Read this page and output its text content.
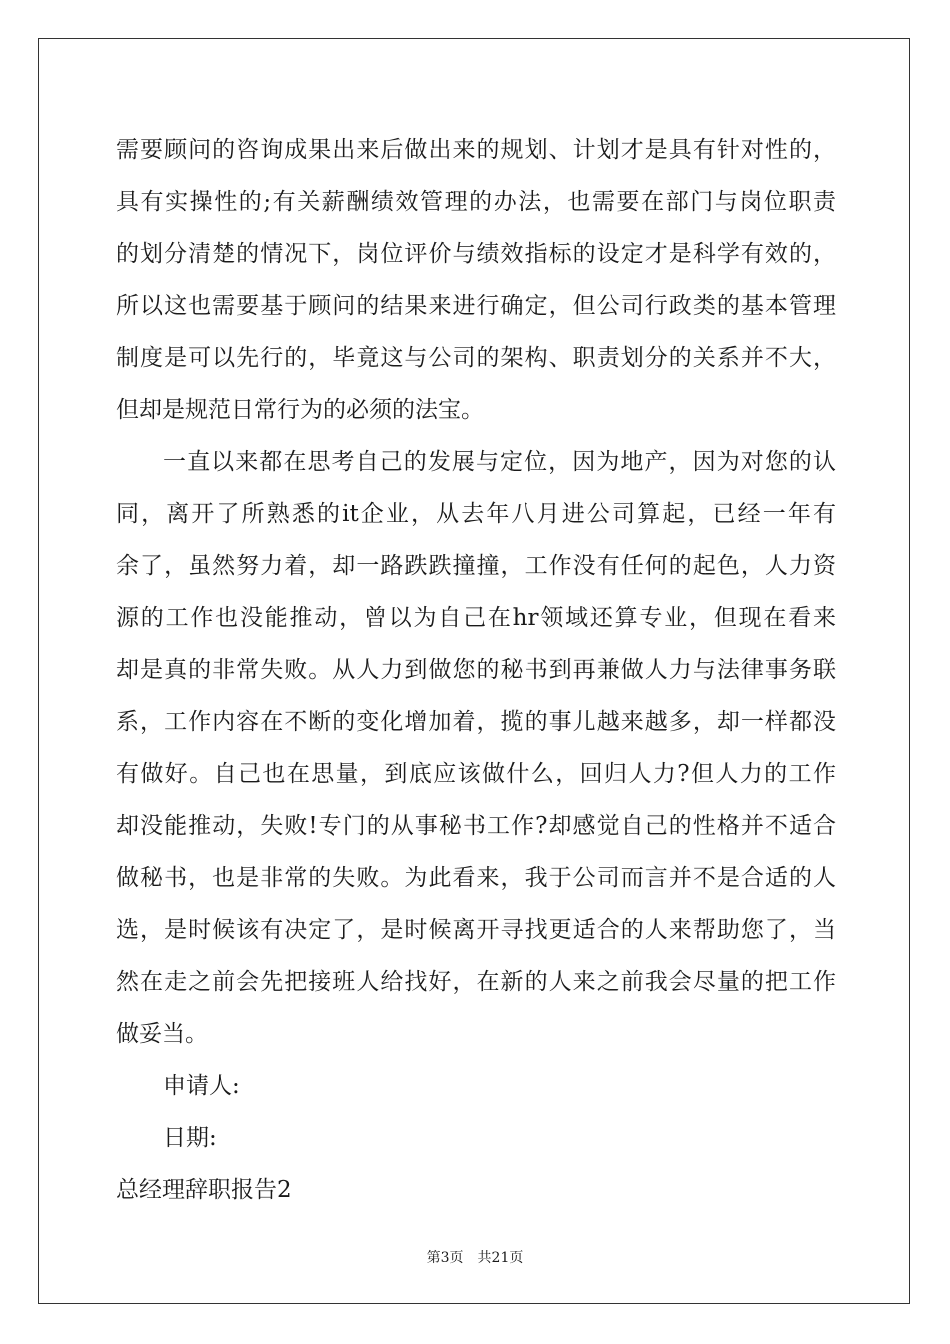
需要顾问的咨询成果出来后做出来的规划、计划才是具有针对性的，
具有实操性的;有关薪酬绩效管理的办法，也需要在部门与岗位职责
的划分清楚的情况下，岗位评价与绩效指标的设定才是科学有效的，
所以这也需要基于顾问的结果来进行确定，但公司行政类的基本管理
制度是可以先行的，毕竟这与公司的架构、职责划分的关系并不大，
但却是规范日常行为的必须的法宝。
一直以来都在思考自己的发展与定位，因为地产，因为对您的认
同，离开了所熟悉的it企业，从去年八月进公司算起，已经一年有
余了，虽然努力着，却一路跌跌撞撞，工作没有任何的起色，人力资
源的工作也没能推动，曾以为自己在hr领域还算专业，但现在看来
却是真的非常失败。从人力到做您的秘书到再兼做人力与法律事务联
系，工作内容在不断的变化增加着，揽的事儿越来越多，却一样都没
有做好。自己也在思量，到底应该做什么，回归人力?但人力的工作
却没能推动，失败!专门的从事秘书工作?却感觉自己的性格并不适合
做秘书，也是非常的失败。为此看来，我于公司而言并不是合适的人
选，是时候该有决定了，是时候离开寻找更适合的人来帮助您了，当
然在走之前会先把接班人给找好，在新的人来之前我会尽量的把工作
做妥当。
申请人:
日期:
总经理辞职报告2
第3页 共21页
